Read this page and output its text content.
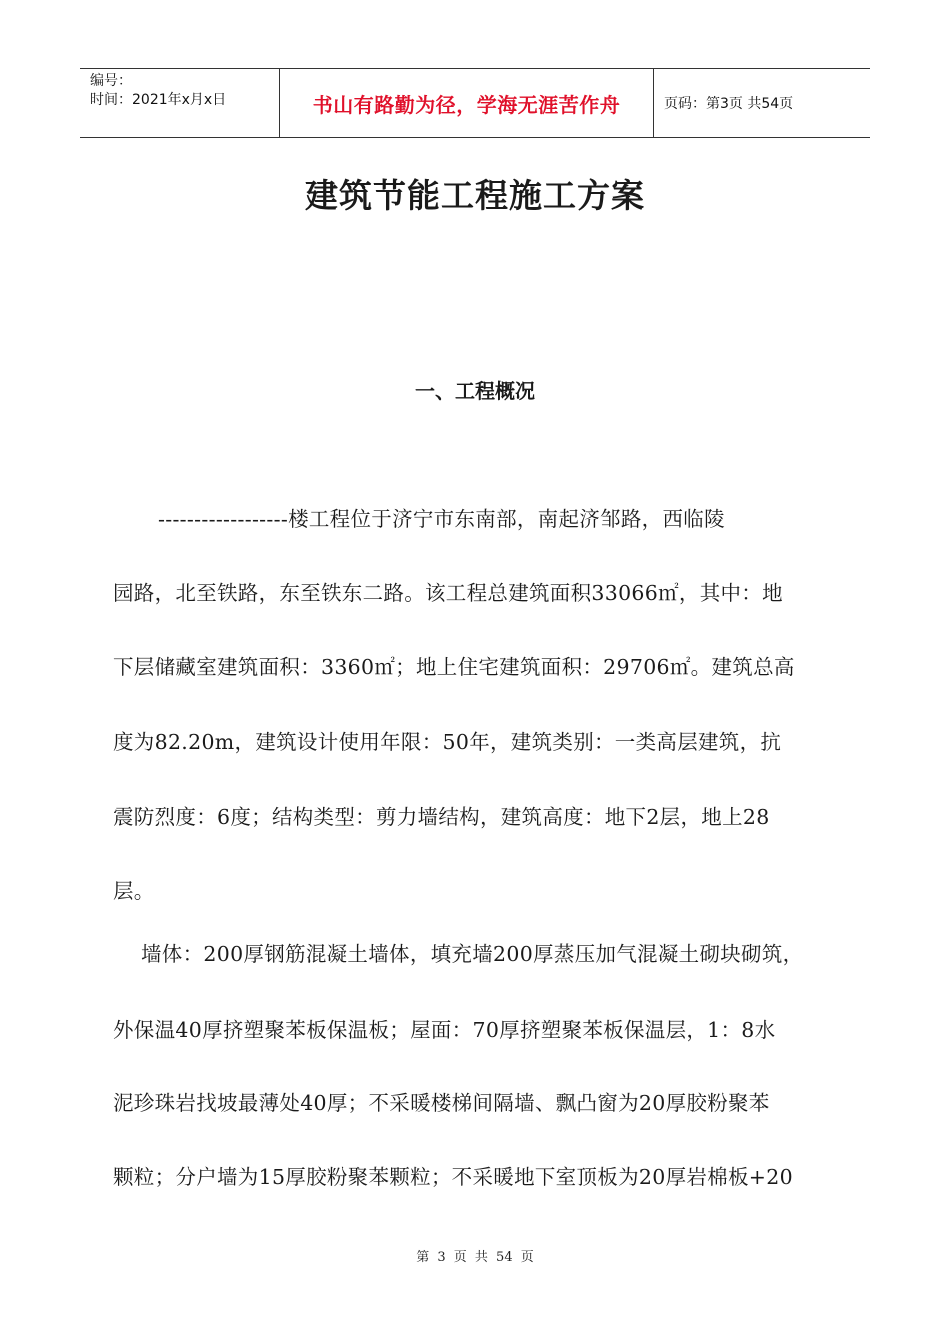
编号：
时间：2021年x月x日	书山有路勤为径，学海无涯苦作舟	页码：第3页 共54页
建筑节能工程施工方案
一、工程概况
------------------楼工程位于济宁市东南部，南起济邹路，西临陵
园路，北至铁路，东至铁东二路。该工程总建筑面积33066㎡，其中：地
下层储藏室建筑面积：3360㎡；地上住宅建筑面积：29706㎡。建筑总高
度为82.20m，建筑设计使用年限：50年，建筑类别：一类高层建筑，抗
震防烈度：6度；结构类型：剪力墙结构，建筑高度：地下2层，地上28
层。
墙体：200厚钢筋混凝土墙体，填充墙200厚蒸压加气混凝土砌块砌筑，
外保温40厚挤塑聚苯板保温板；屋面：70厚挤塑聚苯板保温层，1：8水
泥珍珠岩找坡最薄处40厚；不采暖楼梯间隔墙、飘凸窗为20厚胶粉聚苯
颗粒；分户墙为15厚胶粉聚苯颗粒；不采暖地下室顶板为20厚岩棉板+20
第 3 页 共 54 页
